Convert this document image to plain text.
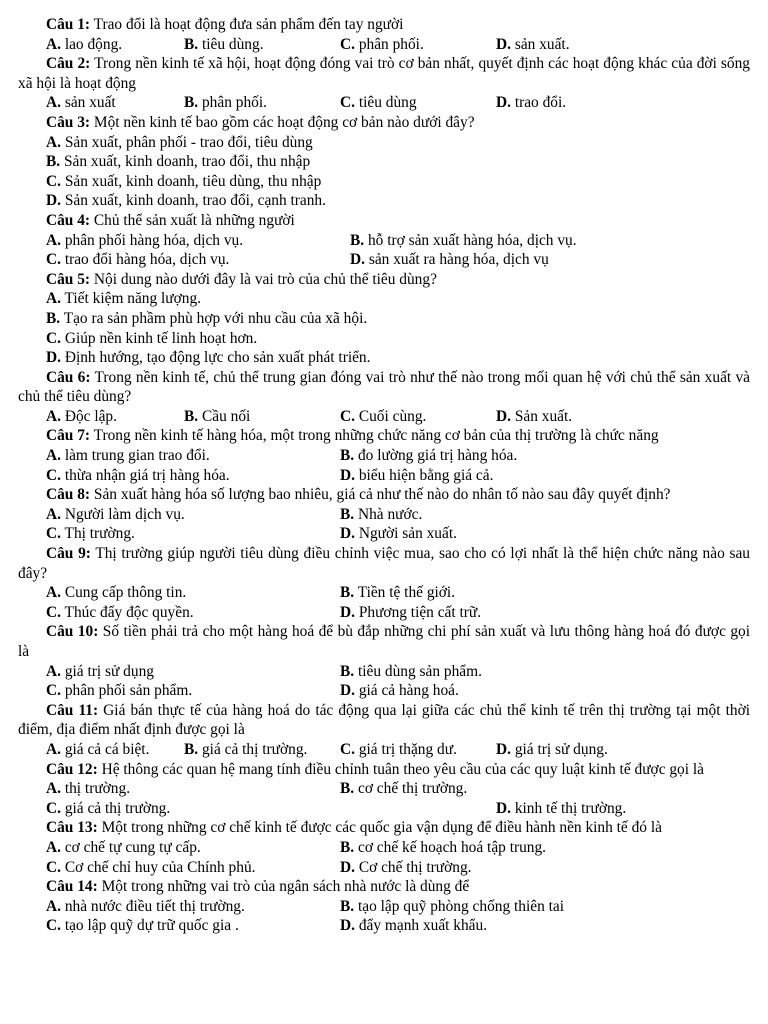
Câu 1: Trao đổi là hoạt động đưa sản phẩm đến tay người

A. lao động.	B. tiêu dùng.	C. phân phối.	D. sản xuất.

Câu 2: Trong nền kinh tế xã hội, hoạt động đóng vai trò cơ bản nhất, quyết định các hoạt động khác của đời sống xã hội là hoạt động

A. sản xuất	B. phân phối.	C. tiêu dùng	D. trao đổi.

Câu 3: Một nền kinh tế bao gồm các hoạt động cơ bản nào dưới đây?

A. Sản xuất, phân phối - trao đổi, tiêu dùng
B. Sản xuất, kinh doanh, trao đổi, thu nhập
C. Sản xuất, kinh doanh, tiêu dùng, thu nhập
D. Sản xuất, kinh doanh, trao đổi, cạnh tranh.

Câu 4: Chủ thể sản xuất là những người

A. phân phối hàng hóa, dịch vụ.	B. hỗ trợ sản xuất hàng hóa, dịch vụ.
C. trao đổi hàng hóa, dịch vụ.	D. sản xuất ra hàng hóa, dịch vụ

Câu 5: Nội dung nào dưới đây là vai trò của chủ thể tiêu dùng?

A. Tiết kiệm năng lượng.
B. Tạo ra sản phầm phù hợp với nhu cầu của xã hội.
C. Giúp nền kinh tế linh hoạt hơn.
D. Định hướng, tạo động lực cho sản xuất phát triển.

Câu 6: Trong nền kinh tế, chủ thể trung gian đóng vai trò như thế nào trong mối quan hệ với chủ thể sản xuất và chủ thể tiêu dùng?

A. Độc lập.	B. Cầu nối	C. Cuối cùng.	D. Sản xuất.

Câu 7: Trong nền kinh tế hàng hóa, một trong những chức năng cơ bản của thị trường là chức năng

A. làm trung gian trao đổi.	B. đo lường giá trị hàng hóa.
C. thừa nhận giá trị hàng hóa.	D. biểu hiện bằng giá cả.

Câu 8: Sản xuất hàng hóa số lượng bao nhiêu, giá cả như thế nào do nhân tố nào sau đây quyết định?

A. Người làm dịch vụ.	B. Nhà nước.
C. Thị trường.	D. Người sản xuất.

Câu 9: Thị trường giúp người tiêu dùng điều chỉnh việc mua, sao cho có lợi nhất là thể hiện chức năng nào sau đây?

A. Cung cấp thông tin.	B. Tiền tệ thế giới.
C. Thúc đẩy độc quyền.	D. Phương tiện cất trữ.

Câu 10: Số tiền phải trả cho một hàng hoá để bù đắp những chi phí sản xuất và lưu thông hàng hoá đó được gọi là

A. giá trị sử dụng	B. tiêu dùng sản phẩm.
C. phân phối sản phẩm.	D. giá cả hàng hoá.

Câu 11: Giá bán thực tế của hàng hoá do tác động qua lại giữa các chủ thể kinh tế trên thị trường tại một thời điểm, địa điểm nhất định được gọi là

A. giá cả cá biệt.	B. giá cả thị trường.	C. giá trị thặng dư.	D. giá trị sử dụng.

Câu 12: Hệ thông các quan hệ mang tính điều chỉnh tuân theo yêu cầu của các quy luật kinh tế được gọi là

A. thị trường.	B. cơ chế thị trường.
C. giá cả thị trường.	D. kinh tế thị trường.

Câu 13: Một trong những cơ chế kinh tế được các quốc gia vận dụng để điều hành nền kinh tế đó là

A. cơ chế tự cung tự cấp.	B. cơ chế kế hoạch hoá tập trung.
C. Cơ chế chỉ huy của Chính phủ.	D. Cơ chế thị trường.

Câu 14: Một trong những vai trò của ngân sách nhà nước là dùng để

A. nhà nước điều tiết thị trường.	B. tạo lập quỹ phòng chống thiên tai
C. tạo lập quỹ dự trữ quốc gia .	D. đẩy mạnh xuất khẩu.
